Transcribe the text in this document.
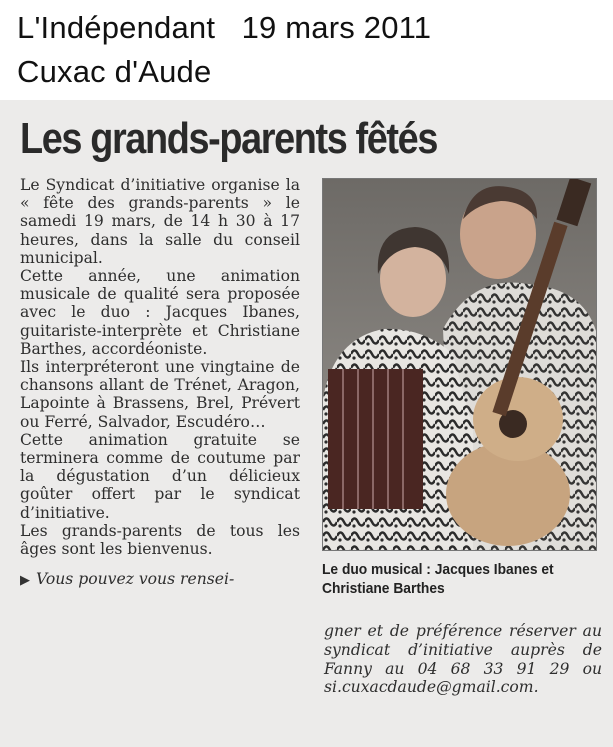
L'Indépendant   19 mars 2011
Cuxac d'Aude
Les grands-parents fêtés

Le Syndicat d’initiative organise la « fête des grands-parents » le samedi 19 mars, de 14 h 30 à 17 heures, dans la salle du conseil municipal.

Cette année, une animation musicale de qualité sera proposée avec le duo : Jacques Ibanes, guitariste-interprète et Christiane Barthes, accordéoniste.

Ils interpréteront une vingtaine de chansons allant de Trénet, Aragon, Lapointe à Brassens, Brel, Prévert ou Ferré, Salvador, Escudéro…

Cette animation gratuite se terminera comme de coutume par la dégustation d’un délicieux goûter offert par le syndicat d’initiative.

Les grands-parents de tous les âges sont les bienvenus.

▶ Vous pouvez vous rensei-

Le duo musical : Jacques Ibanes et Christiane Barthes

gner et de préférence réserver au syndicat d’initiative auprès de Fanny au 04 68 33 91 29 ou si.cuxacdaude@gmail.com.
